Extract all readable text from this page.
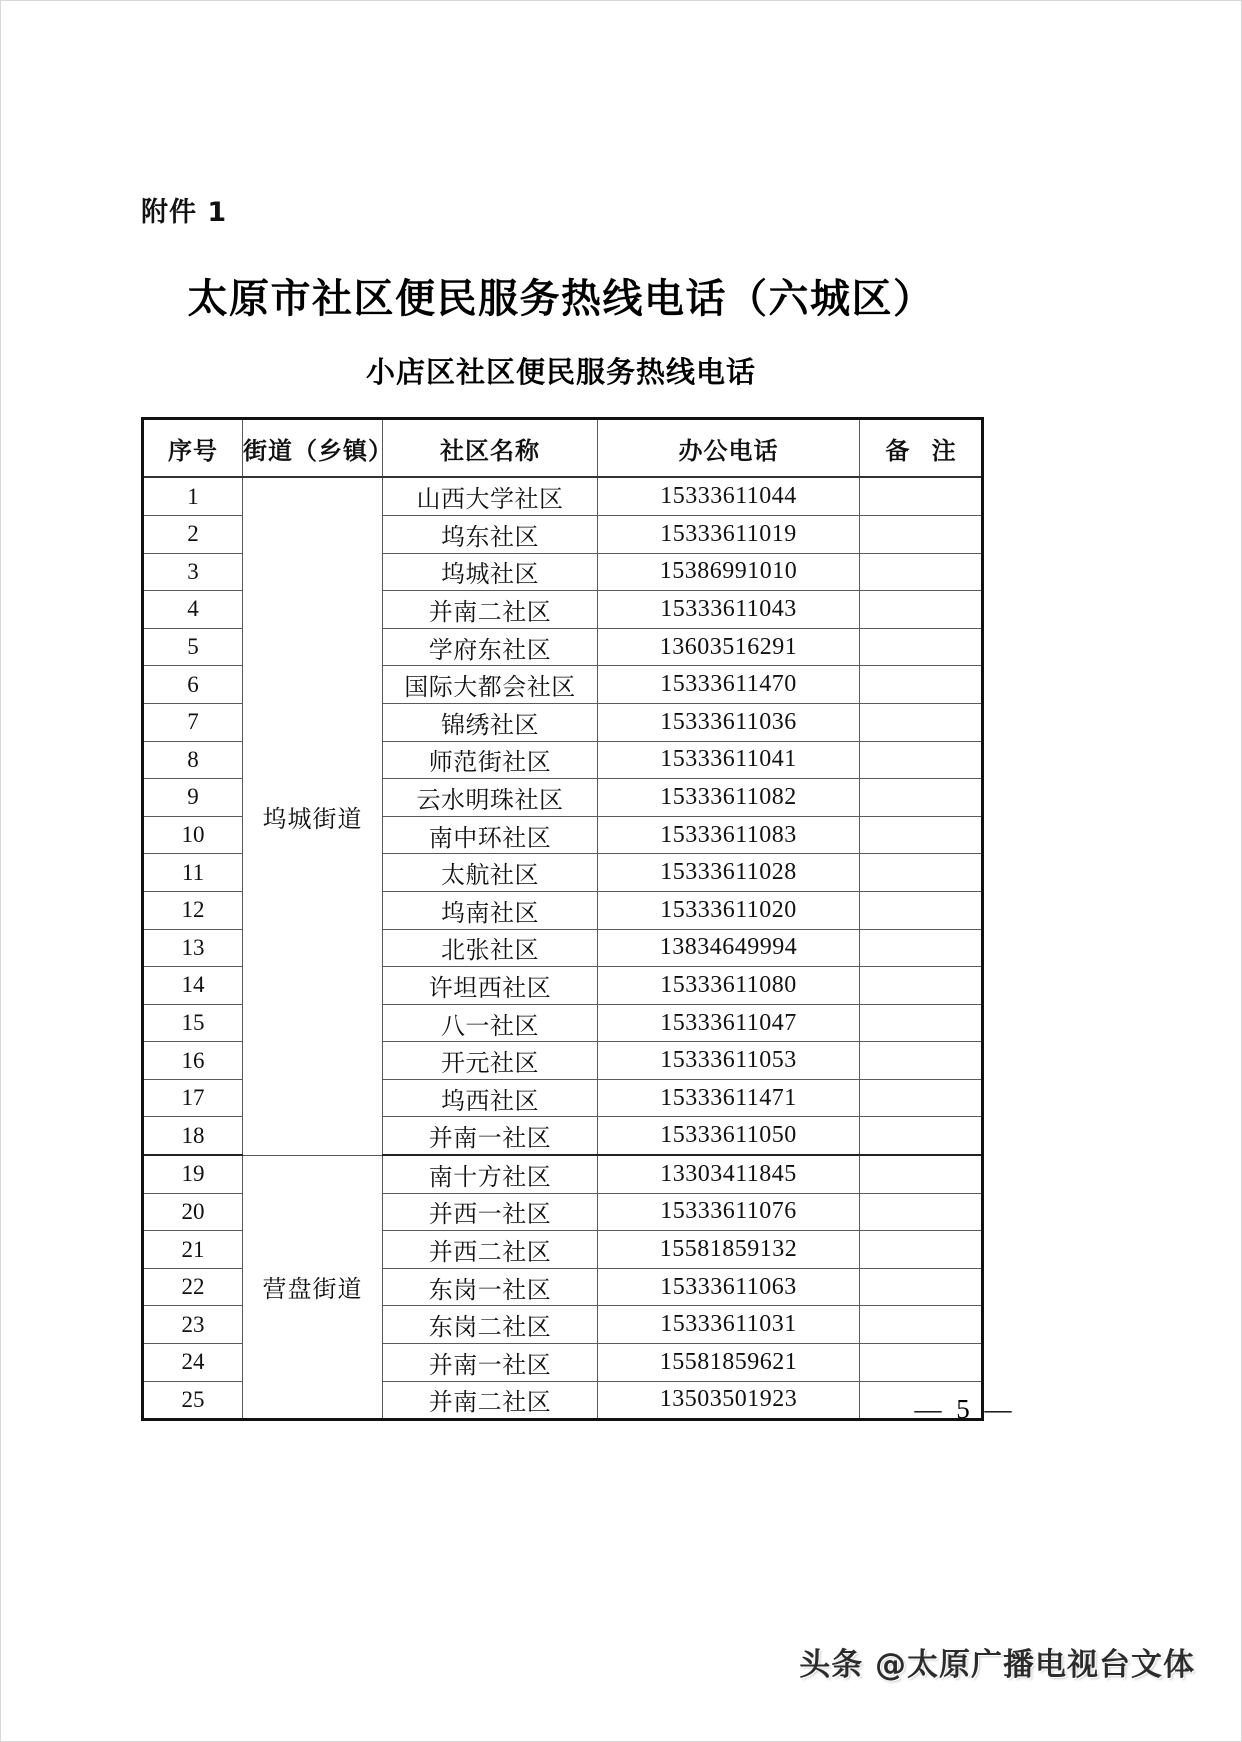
附件 1
太原市社区便民服务热线电话（六城区）
小店区社区便民服务热线电话
序号	街道（乡镇）	社区名称	办公电话	备 注
1	坞城街道	山西大学社区	15333611044	
2		坞东社区	15333611019	
3		坞城社区	15386991010	
4		并南二社区	15333611043	
5		学府东社区	13603516291	
6		国际大都会社区	15333611470	
7		锦绣社区	15333611036	
8		师范街社区	15333611041	
9		云水明珠社区	15333611082	
10		南中环社区	15333611083	
11		太航社区	15333611028	
12		坞南社区	15333611020	
13		北张社区	13834649994	
14		许坦西社区	15333611080	
15		八一社区	15333611047	
16		开元社区	15333611053	
17		坞西社区	15333611471	
18		并南一社区	15333611050	
19	营盘街道	南十方社区	13303411845	
20		并西一社区	15333611076	
21		并西二社区	15581859132	
22		东岗一社区	15333611063	
23		东岗二社区	15333611031	
24		并南一社区	15581859621	
25		并南二社区	13503501923		— 5 —
头条 @太原广播电视台文体
